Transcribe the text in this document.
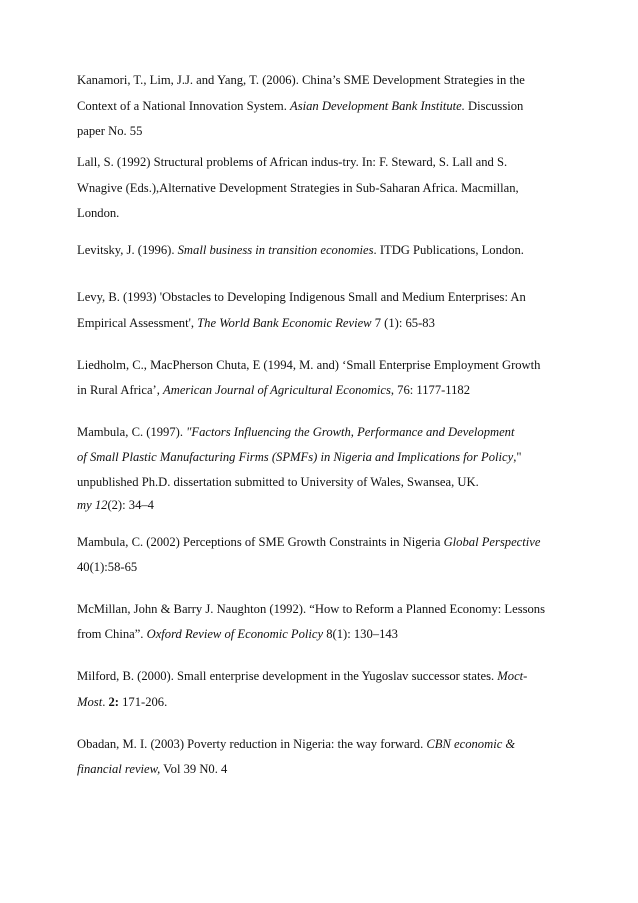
Kanamori, T., Lim, J.J. and Yang, T. (2006). China’s SME Development Strategies in the
Context of a National Innovation System. Asian Development Bank Institute. Discussion
paper No. 55
Lall, S. (1992) Structural problems of African indus-try. In: F. Steward, S. Lall and S.
Wnagive (Eds.),Alternative Development Strategies in Sub-Saharan Africa. Macmillan,
London.
Levitsky, J. (1996). Small business in transition economies. ITDG Publications, London.
Levy, B. (1993) 'Obstacles to Developing Indigenous Small and Medium Enterprises: An
Empirical Assessment', The World Bank Economic Review 7 (1): 65-83
Liedholm, C., MacPherson Chuta, E (1994, M. and) ‘Small Enterprise Employment Growth
in Rural Africa’, American Journal of Agricultural Economics, 76: 1177-1182
Mambula, C. (1997). "Factors Influencing the Growth, Performance and Development
of Small Plastic Manufacturing Firms (SPMFs) in Nigeria and Implications for Policy,"
unpublished Ph.D. dissertation submitted to University of Wales, Swansea, UK.
my 12(2): 34–4
Mambula, C. (2002) Perceptions of SME Growth Constraints in Nigeria Global Perspective
40(1):58-65
McMillan, John & Barry J. Naughton (1992). “How to Reform a Planned Economy: Lessons
from China”. Oxford Review of Economic Policy 8(1): 130–143
Milford, B. (2000). Small enterprise development in the Yugoslav successor states. Moct-
Most. 2: 171-206.
Obadan, M. I. (2003) Poverty reduction in Nigeria: the way forward. CBN economic &
financial review, Vol 39 N0. 4
